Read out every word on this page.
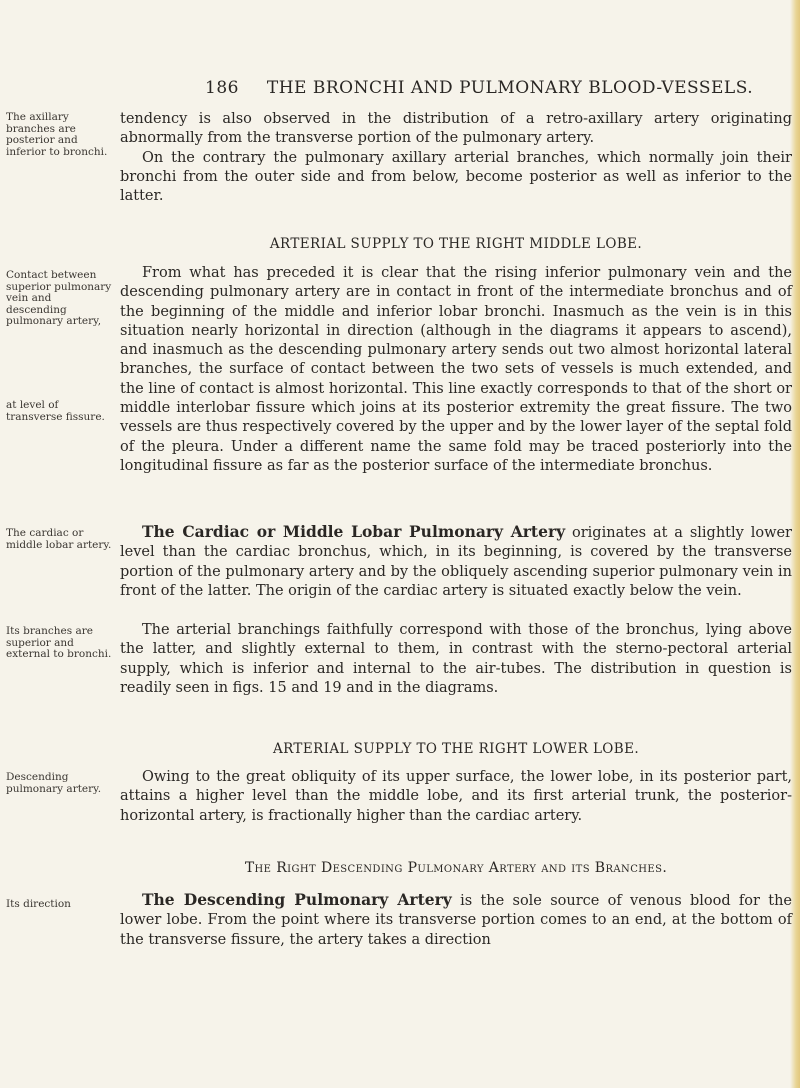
186 THE BRONCHI AND PULMONARY BLOOD-VESSELS.
The axillary branches are posterior and inferior to bronchi.
tendency is also observed in the distribution of a retro-axillary artery originating abnormally from the transverse portion of the pulmonary artery.
On the contrary the pulmonary axillary arterial branches, which normally join their bronchi from the outer side and from below, become posterior as well as inferior to the latter.
ARTERIAL SUPPLY TO THE RIGHT MIDDLE LOBE.
Contact between superior pulmonary vein and descending pulmonary artery,
at level of transverse fissure.
From what has preceded it is clear that the rising inferior pulmonary vein and the descending pulmonary artery are in contact in front of the intermediate bronchus and of the beginning of the middle and inferior lobar bronchi. Inasmuch as the vein is in this situation nearly horizontal in direction (although in the diagrams it appears to ascend), and inasmuch as the descending pulmonary artery sends out two almost horizontal lateral branches, the surface of contact between the two sets of vessels is much extended, and the line of contact is almost horizontal. This line exactly corresponds to that of the short or middle interlobar fissure which joins at its posterior extremity the great fissure. The two vessels are thus respectively covered by the upper and by the lower layer of the septal fold of the pleura. Under a different name the same fold may be traced posteriorly into the longitudinal fissure as far as the posterior surface of the intermediate bronchus.
The cardiac or middle lobar artery.
The Cardiac or Middle Lobar Pulmonary Artery originates at a slightly lower level than the cardiac bronchus, which, in its beginning, is covered by the transverse portion of the pulmonary artery and by the obliquely ascending superior pulmonary vein in front of the latter. The origin of the cardiac artery is situated exactly below the vein.
Its branches are superior and external to bronchi.
The arterial branchings faithfully correspond with those of the bronchus, lying above the latter, and slightly external to them, in contrast with the sterno-pectoral arterial supply, which is inferior and internal to the air-tubes. The distribution in question is readily seen in figs. 15 and 19 and in the diagrams.
ARTERIAL SUPPLY TO THE RIGHT LOWER LOBE.
Descending pulmonary artery.
Owing to the great obliquity of its upper surface, the lower lobe, in its posterior part, attains a higher level than the middle lobe, and its first arterial trunk, the posterior-horizontal artery, is fractionally higher than the cardiac artery.
The Right Descending Pulmonary Artery and its Branches.
Its direction	The Descending Pulmonary Artery is the sole source of venous blood for the lower lobe. From the point where its transverse portion comes to an end, at the bottom of the transverse fissure, the artery takes a direction
